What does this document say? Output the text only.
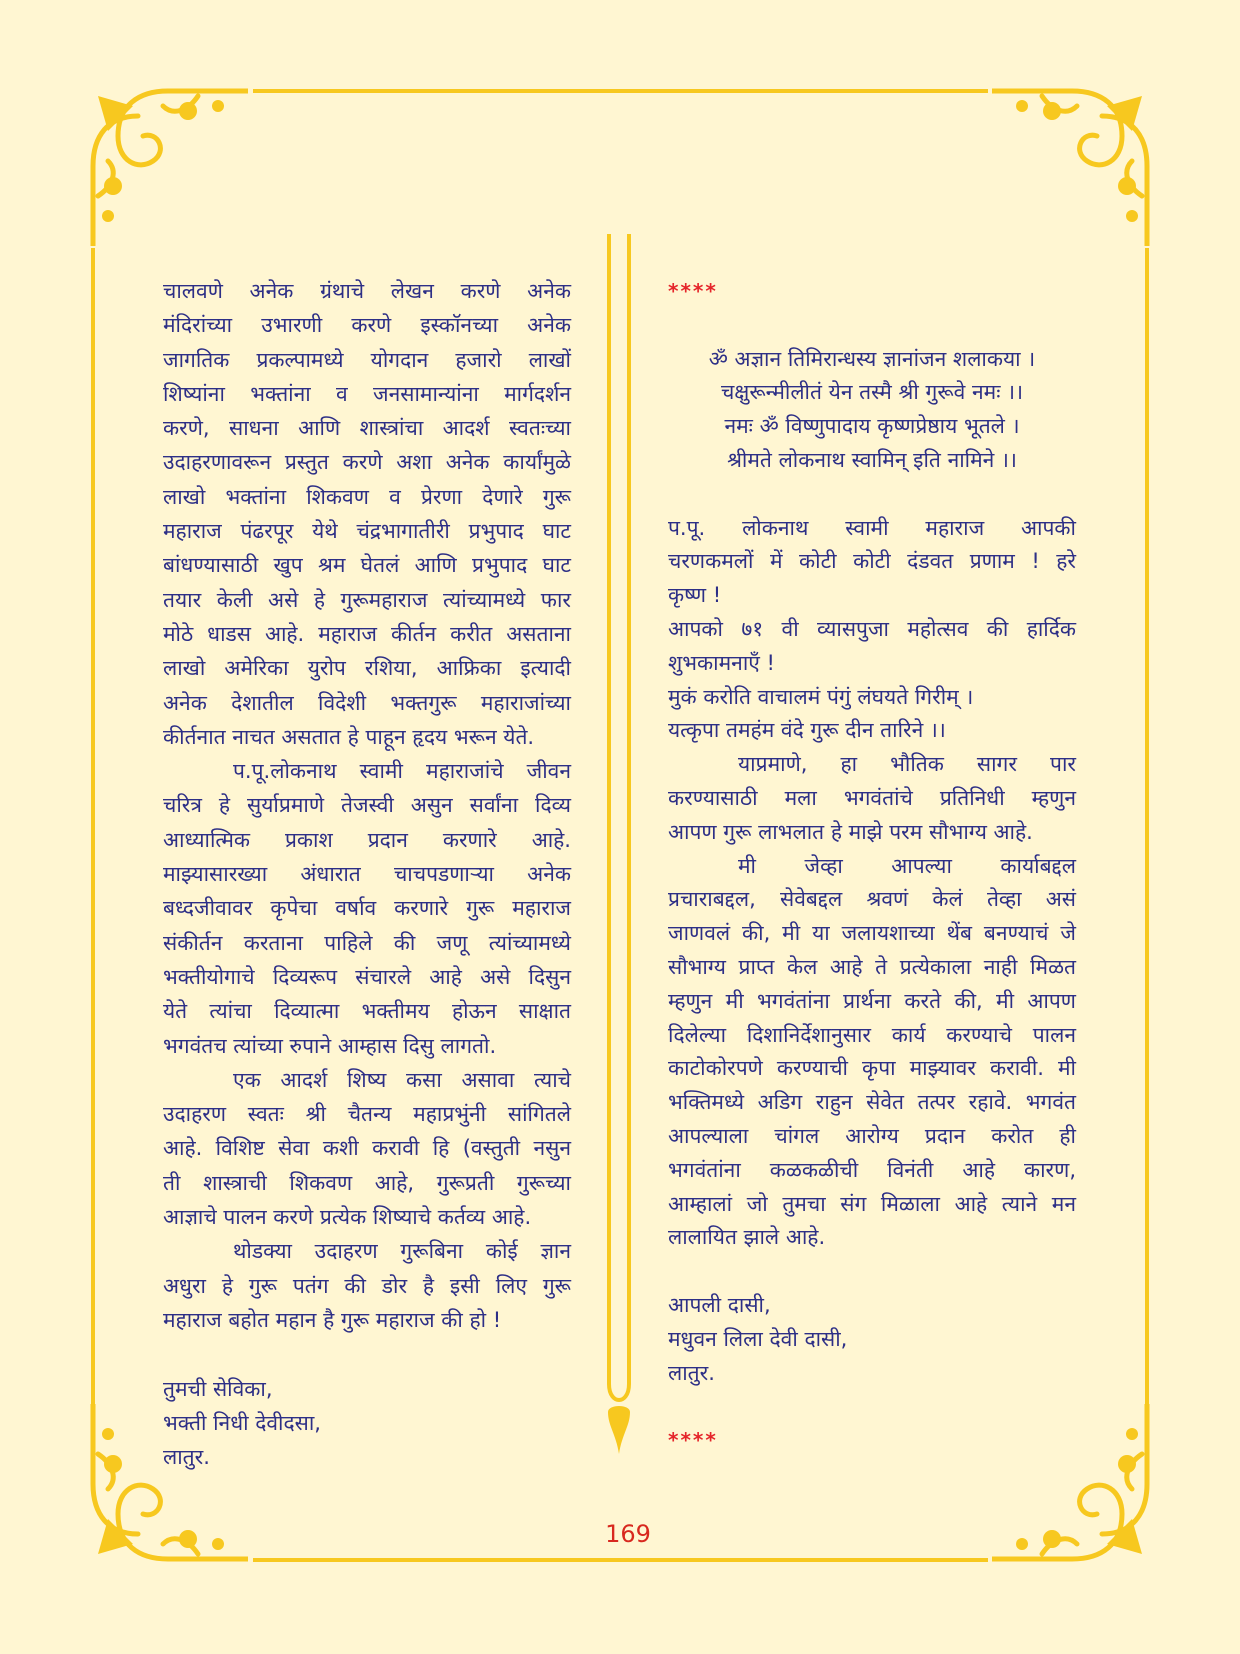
चालवणे अनेक ग्रंथाचे लेखन करणे अनेक
मंदिरांच्या उभारणी करणे इस्कॉनच्या अनेक
जागतिक प्रकल्पामध्ये योगदान हजारो लाखों
शिष्यांना भक्तांना व जनसामान्यांना मार्गदर्शन
करणे, साधना आणि शास्त्रांचा आदर्श स्वतःच्या
उदाहरणावरून प्रस्तुत करणे अशा अनेक कार्यांमुळे
लाखो भक्तांना शिकवण व प्रेरणा देणारे गुरू
महाराज पंढरपूर येथे चंद्रभागातीरी प्रभुपाद घाट
बांधण्यासाठी खुप श्रम घेतलं आणि प्रभुपाद घाट
तयार केली असे हे गुरूमहाराज त्यांच्यामध्ये फार
मोठे धाडस आहे. महाराज कीर्तन करीत असताना
लाखो अमेरिका युरोप रशिया, आफ्रिका इत्यादी
अनेक देशातील विदेशी भक्तगुरू महाराजांच्या
कीर्तनात नाचत असतात हे पाहून हृदय भरून येते.
प.पू.लोकनाथ स्वामी महाराजांचे जीवन
चरित्र हे सुर्याप्रमाणे तेजस्वी असुन सर्वांना दिव्य
आध्यात्मिक प्रकाश प्रदान करणारे आहे.
माझ्यासारख्या अंधारात चाचपडणाऱ्या अनेक
बध्दजीवावर कृपेचा वर्षाव करणारे गुरू महाराज
संकीर्तन करताना पाहिले की जणू त्यांच्यामध्ये
भक्तीयोगाचे दिव्यरूप संचारले आहे असे दिसुन
येते त्यांचा दिव्यात्मा भक्तीमय होऊन साक्षात
भगवंतच त्यांच्या रुपाने आम्हास दिसु लागतो.
एक आदर्श शिष्य कसा असावा त्याचे
उदाहरण स्वतः श्री चैतन्य महाप्रभुंनी सांगितले
आहे. विशिष्ट सेवा कशी करावी हि (वस्तुती नसुन
ती शास्त्राची शिकवण आहे, गुरूप्रती गुरूच्या
आज्ञाचे पालन करणे प्रत्येक शिष्याचे कर्तव्य आहे.
थोडक्या उदाहरण गुरूबिना कोई ज्ञान
अधुरा हे गुरू पतंग की डोर है इसी लिए गुरू
महाराज बहोत महान है गुरू महाराज की हो !
तुमची सेविका,
भक्ती निधी देवीदसा,
लातुर.
****
ॐ अज्ञान तिमिरान्धस्य ज्ञानांजन शलाकया ।
चक्षुरून्मीलीतं येन तस्मै श्री गुरूवे नमः ।।
नमः ॐ विष्णुपादाय कृष्णप्रेष्ठाय भूतले ।
श्रीमते लोकनाथ स्वामिन् इति नामिने ।।
प.पू. लोकनाथ स्वामी महाराज आपकी
चरणकमलों में कोटी कोटी दंडवत प्रणाम ! हरे
कृष्ण !
आपको ७१ वी व्यासपुजा महोत्सव की हार्दिक
शुभकामनाएँ !
मुकं करोति वाचालमं पंगुं लंघयते गिरीम् ।
यत्कृपा तमहंम वंदे गुरू दीन तारिने ।।
याप्रमाणे, हा भौतिक सागर पार
करण्यासाठी मला भगवंतांचे प्रतिनिधी म्हणुन
आपण गुरू लाभलात हे माझे परम सौभाग्य आहे.
मी जेव्हा आपल्या कार्याबद्दल
प्रचाराबद्दल, सेवेबद्दल श्रवणं केलं तेव्हा असं
जाणवलं की, मी या जलायशाच्या थेंब बनण्याचं जे
सौभाग्य प्राप्त केल आहे ते प्रत्येकाला नाही मिळत
म्हणुन मी भगवंतांना प्रार्थना करते की, मी आपण
दिलेल्या दिशानिर्देशानुसार कार्य करण्याचे पालन
काटोकोरपणे करण्याची कृपा माझ्यावर करावी. मी
भक्तिमध्ये अडिग राहुन सेवेत तत्पर रहावे. भगवंत
आपल्याला चांगल आरोग्य प्रदान करोत ही
भगवंतांना कळकळीची विनंती आहे कारण,
आम्हालां जो तुमचा संग मिळाला आहे त्याने मन
लालायित झाले आहे.
आपली दासी,
मधुवन लिला देवी दासी,
लातुर.
****
169
